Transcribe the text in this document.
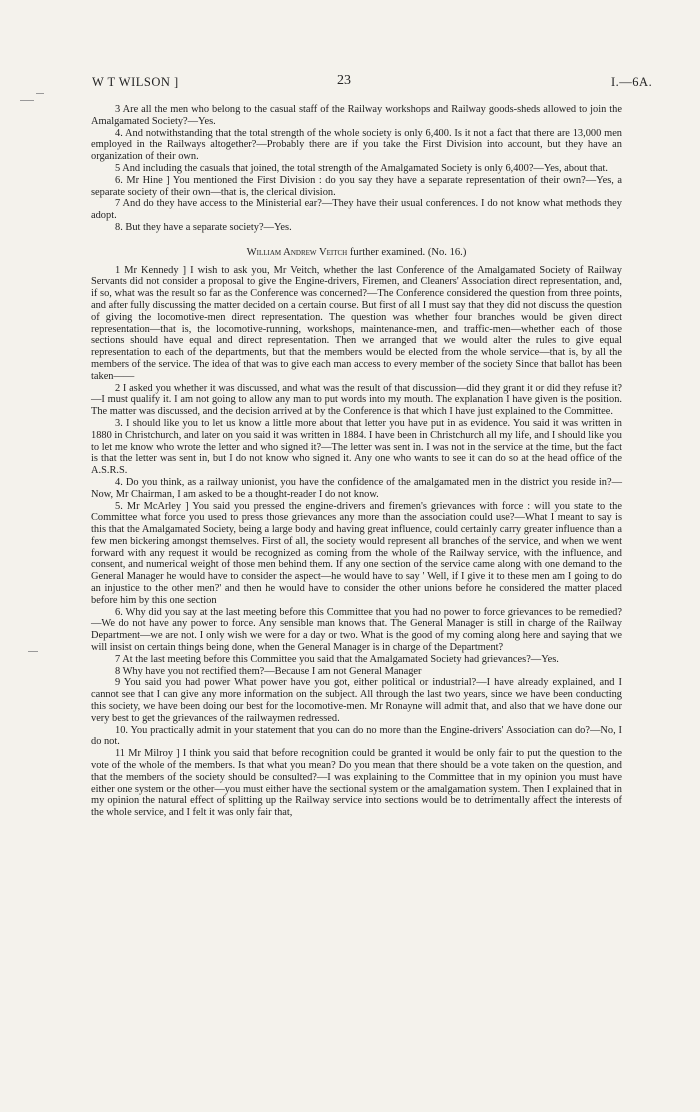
W T WILSON ]	23	I.—6A.

3 Are all the men who belong to the casual staff of the Railway workshops and Railway goods-sheds allowed to join the Amalgamated Society?—Yes.

4. And notwithstanding that the total strength of the whole society is only 6,400. Is it not a fact that there are 13,000 men employed in the Railways altogether?—Probably there are if you take the First Division into account, but they have an organization of their own.

5 And including the casuals that joined, the total strength of the Amalgamated Society is only 6,400?—Yes, about that.

6. Mr Hine ] You mentioned the First Division : do you say they have a separate representation of their own?—Yes, a separate society of their own—that is, the clerical division.

7 And do they have access to the Ministerial ear?—They have their usual conferences. I do not know what methods they adopt.

8. But they have a separate society?—Yes.

William Andrew Veitch further examined. (No. 16.)

1 Mr Kennedy ] I wish to ask you, Mr Veitch, whether the last Conference of the Amalgamated Society of Railway Servants did not consider a proposal to give the Engine-drivers, Firemen, and Cleaners' Association direct representation, and, if so, what was the result so far as the Conference was concerned?—The Conference considered the question from three points, and after fully discussing the matter decided on a certain course. But first of all I must say that they did not discuss the question of giving the locomotive-men direct representation. The question was whether four branches would be given direct representation—that is, the locomotive-running, workshops, maintenance-men, and traffic-men—whether each of those sections should have equal and direct representation. Then we arranged that we would alter the rules to give equal representation to each of the departments, but that the members would be elected from the whole service—that is, by all the members of the service. The idea of that was to give each man access to every member of the society Since that ballot has been taken——

2 I asked you whether it was discussed, and what was the result of that discussion—did they grant it or did they refuse it?—I must qualify it. I am not going to allow any man to put words into my mouth. The explanation I have given is the position. The matter was discussed, and the decision arrived at by the Conference is that which I have just explained to the Committee.

3. I should like you to let us know a little more about that letter you have put in as evidence. You said it was written in 1880 in Christchurch, and later on you said it was written in 1884. I have been in Christchurch all my life, and I should like you to let me know who wrote the letter and who signed it?—The letter was sent in. I was not in the service at the time, but the fact is that the letter was sent in, but I do not know who signed it. Any one who wants to see it can do so at the head office of the A.S.R.S.

4. Do you think, as a railway unionist, you have the confidence of the amalgamated men in the district you reside in?—Now, Mr Chairman, I am asked to be a thought-reader I do not know.

5. Mr McArley ] You said you pressed the engine-drivers and firemen's grievances with force : will you state to the Committee what force you used to press those grievances any more than the association could use?—What I meant to say is this that the Amalgamated Society, being a large body and having great influence, could certainly carry greater influence than a few men bickering amongst themselves. First of all, the society would represent all branches of the service, and when we went forward with any request it would be recognized as coming from the whole of the Railway service, with the influence, and consent, and numerical weight of those men behind them. If any one section of the service came along with one demand to the General Manager he would have to consider the aspect—he would have to say ' Well, if I give it to these men am I going to do an injustice to the other men?' and then he would have to consider the other unions before he considered the matter placed before him by this one section

6. Why did you say at the last meeting before this Committee that you had no power to force grievances to be remedied?—We do not have any power to force. Any sensible man knows that. The General Manager is still in charge of the Railway Department—we are not. I only wish we were for a day or two. What is the good of my coming along here and saying that we will insist on certain things being done, when the General Manager is in charge of the Department?

7 At the last meeting before this Committee you said that the Amalgamated Society had grievances?—Yes.

8 Why have you not rectified them?—Because I am not General Manager

9 You said you had power What power have you got, either political or industrial?—I have already explained, and I cannot see that I can give any more information on the subject. All through the last two years, since we have been conducting this society, we have been doing our best for the locomotive-men. Mr Ronayne will admit that, and also that we have done our very best to get the grievances of the railwaymen redressed.

10. You practically admit in your statement that you can do no more than the Engine-drivers' Association can do?—No, I do not.

11 Mr Milroy ] I think you said that before recognition could be granted it would be only fair to put the question to the vote of the whole of the members. Is that what you mean? Do you mean that there should be a vote taken on the question, and that the members of the society should be consulted?—I was explaining to the Committee that in my opinion you must have either one system or the other—you must either have the sectional system or the amalgamation system. Then I explained that in my opinion the natural effect of splitting up the Railway service into sections would be to detrimentally affect the interests of the whole service, and I felt it was only fair that,
